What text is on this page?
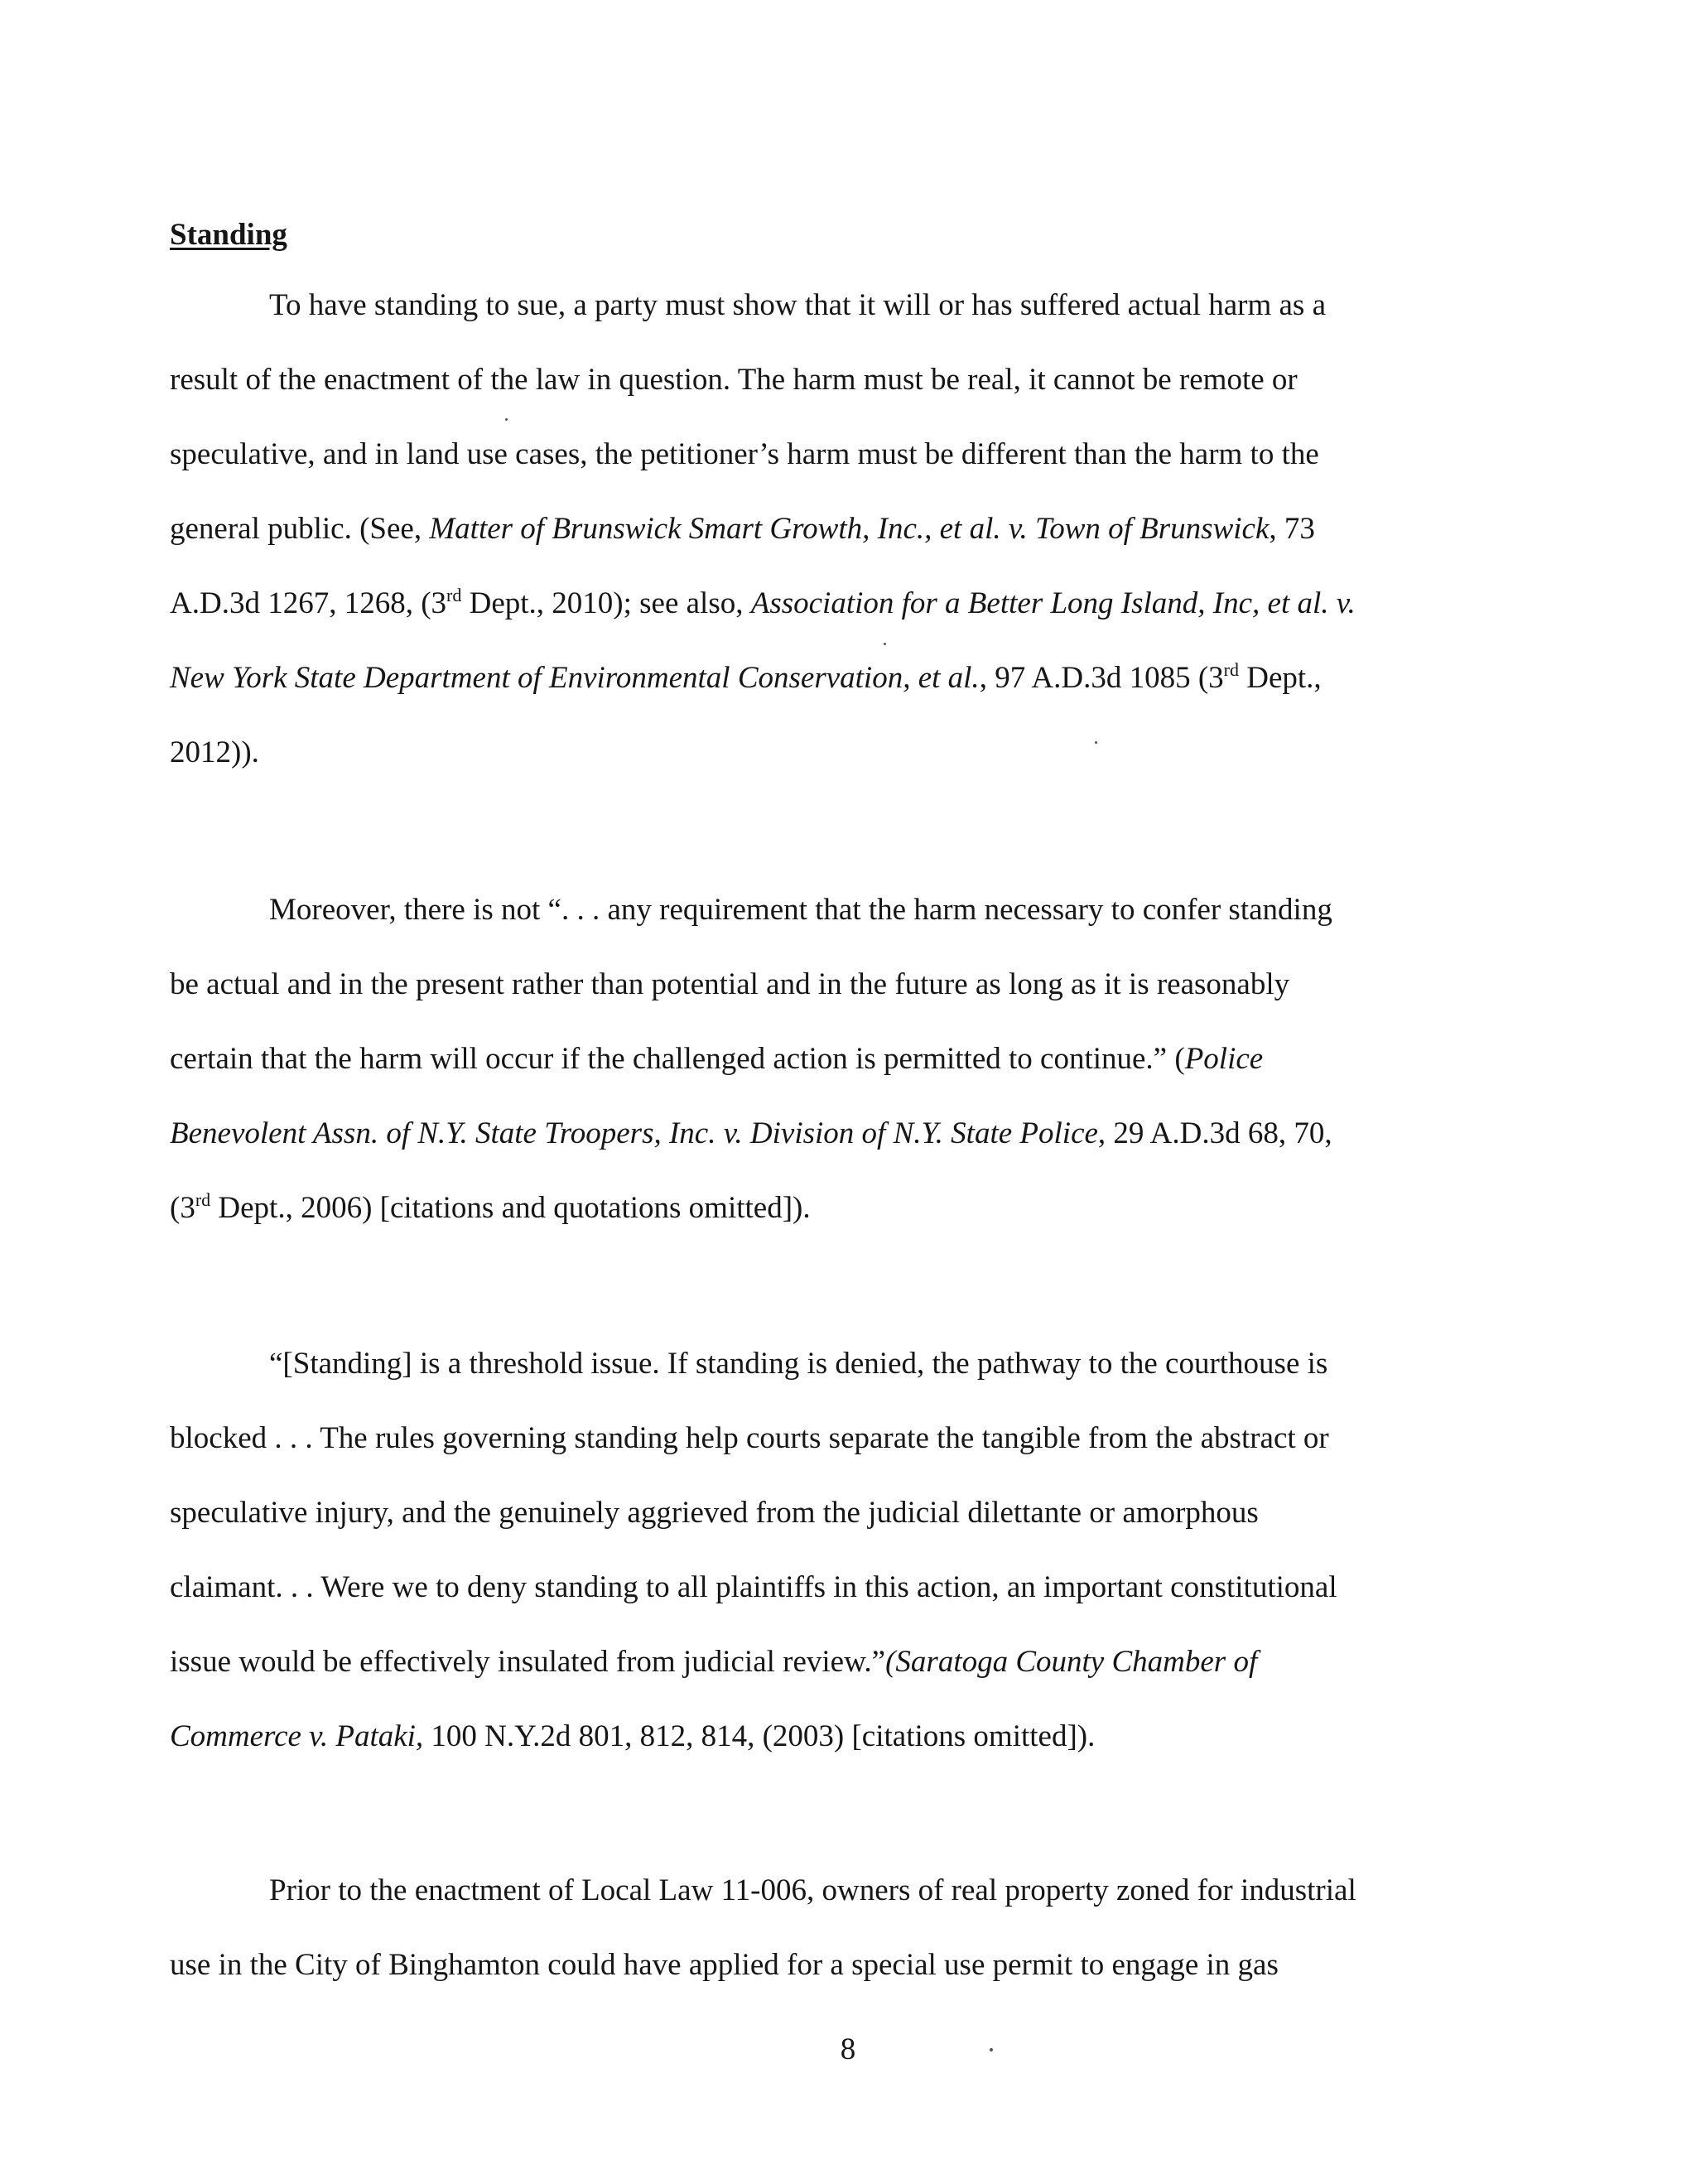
Standing

To have standing to sue, a party must show that it will or has suffered actual harm as a
result of the enactment of the law in question. The harm must be real, it cannot be remote or
speculative, and in land use cases, the petitioner’s harm must be different than the harm to the
general public. (See, Matter of Brunswick Smart Growth, Inc., et al. v. Town of Brunswick, 73
A.D.3d 1267, 1268, (3rd Dept., 2010); see also, Association for a Better Long Island, Inc, et al. v.
New York State Department of Environmental Conservation, et al., 97 A.D.3d 1085 (3rd Dept.,
2012)).
Moreover, there is not “. . . any requirement that the harm necessary to confer standing
be actual and in the present rather than potential and in the future as long as it is reasonably
certain that the harm will occur if the challenged action is permitted to continue.” (Police
Benevolent Assn. of N.Y. State Troopers, Inc. v. Division of N.Y. State Police, 29 A.D.3d 68, 70,
(3rd Dept., 2006) [citations and quotations omitted]).
“[Standing] is a threshold issue. If standing is denied, the pathway to the courthouse is
blocked . . . The rules governing standing help courts separate the tangible from the abstract or
speculative injury, and the genuinely aggrieved from the judicial dilettante or amorphous
claimant. . . Were we to deny standing to all plaintiffs in this action, an important constitutional
issue would be effectively insulated from judicial review.”(Saratoga County Chamber of
Commerce v. Pataki, 100 N.Y.2d 801, 812, 814, (2003) [citations omitted]).
Prior to the enactment of Local Law 11-006, owners of real property zoned for industrial
use in the City of Binghamton could have applied for a special use permit to engage in gas

8
